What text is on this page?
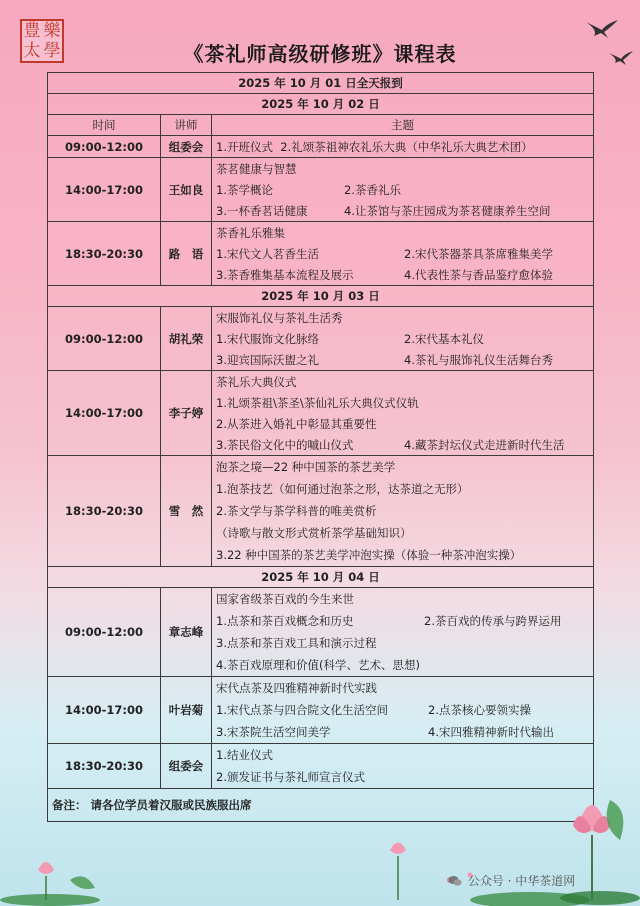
豊 樂
太 學	《茶礼师高级研修班》课程表
2025 年 10 月 01 日全天报到		
2025 年 10 月 02 日		
时间	讲师	主题
09:00-12:00	组委会	1.开班仪式
2.礼颂茶祖神农礼乐大典（中华礼乐大典艺术团）

14:00-17:00	王如良	茶茗健康与智慧
1.茶学概论 2.茶香礼乐
3.一杯香茗话健康 4.让茶馆与茶庄园成为茶茗健康养生空间

18:30-20:30	路　语	茶香礼乐雅集
1.宋代文人茗香生活 2.宋代茶器茶具茶席雅集美学
3.茶香雅集基本流程及展示 4.代表性茶与香品鉴疗愈体验

2025 年 10 月 03 日		
09:00-12:00	胡礼荣	宋服饰礼仪与茶礼生活秀
1.宋代服饰文化脉络 2.宋代基本礼仪
3.迎宾国际沃盥之礼 4.茶礼与服饰礼仪生活舞台秀

14:00-17:00	李子婷	茶礼乐大典仪式
1.礼颂茶祖\茶圣\茶仙礼乐大典仪式仪轨
2.从茶进入婚礼中彰显其重要性
3.茶民俗文化中的嘁山仪式 4.藏茶封坛仪式走进新时代生活

18:30-20:30	雪　然	泡茶之境—22 种中国茶的茶艺美学
1.泡茶技艺（如何通过泡茶之形，达茶道之无形）
2.茶文学与茶学科普的唯美赏析
（诗歌与散文形式赏析茶学基础知识）
3.22 种中国茶的茶艺美学冲泡实操（体验一种茶冲泡实操）

2025 年 10 月 04 日		
09:00-12:00	章志峰	国家省级茶百戏的今生来世
1.点茶和茶百戏概念和历史 2.茶百戏的传承与跨界运用
3.点茶和茶百戏工具和演示过程
4.茶百戏原理和价值(科学、艺术、思想)

14:00-17:00	叶岩菊	宋代点茶及四雅精神新时代实践
1.宋代点茶与四合院文化生活空间 2.点茶核心要领实操
3.宋茶院生活空间美学 4.宋四雅精神新时代输出

18:30-20:30	组委会	1.结业仪式
2.颁发证书与茶礼师宣言仪式

备注： 请各位学员着汉服或民族服出席		
公众号 · 中华茶道网
